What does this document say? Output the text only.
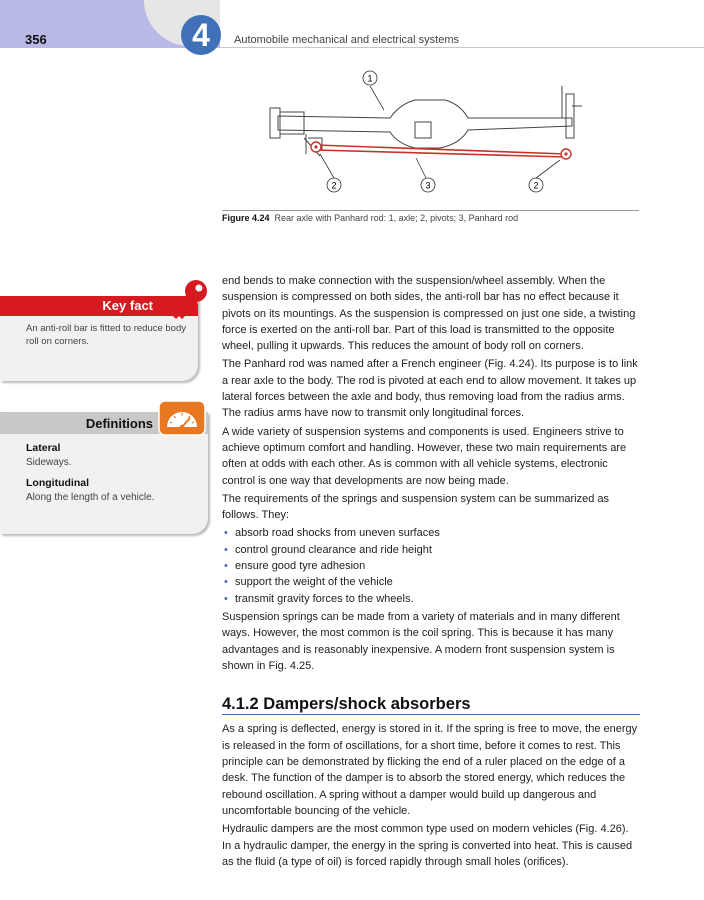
356	4	Automobile mechanical and electrical systems
1
2	3	2
Figure 4.24 Rear axle with Panhard rod: 1, axle; 2, pivots; 3, Panhard rod
Key fact
An anti-roll bar is fitted to reduce body roll on corners.
Definitions
Lateral
Sideways.
Longitudinal
Along the length of a vehicle.

end bends to make connection with the suspension/wheel assembly. When the suspension is compressed on both sides, the anti-roll bar has no effect because it pivots on its mountings. As the suspension is compressed on just one side, a twisting force is exerted on the anti-roll bar. Part of this load is transmitted to the opposite wheel, pulling it upwards. This reduces the amount of body roll on corners.

The Panhard rod was named after a French engineer (Fig. 4.24). Its purpose is to link a rear axle to the body. The rod is pivoted at each end to allow movement. It takes up lateral forces between the axle and body, thus removing load from the radius arms. The radius arms have now to transmit only longitudinal forces.

A wide variety of suspension systems and components is used. Engineers strive to achieve optimum comfort and handling. However, these two main requirements are often at odds with each other. As is common with all vehicle systems, electronic control is one way that developments are now being made.

The requirements of the springs and suspension system can be summarized as follows. They:

• absorb road shocks from uneven surfaces
• control ground clearance and ride height
• ensure good tyre adhesion
• support the weight of the vehicle
• transmit gravity forces to the wheels.

Suspension springs can be made from a variety of materials and in many different ways. However, the most common is the coil spring. This is because it has many advantages and is reasonably inexpensive. A modern front suspension system is shown in Fig. 4.25.

4.1.2 Dampers/shock absorbers

As a spring is deflected, energy is stored in it. If the spring is free to move, the energy is released in the form of oscillations, for a short time, before it comes to rest. This principle can be demonstrated by flicking the end of a ruler placed on the edge of a desk. The function of the damper is to absorb the stored energy, which reduces the rebound oscillation. A spring without a damper would build up dangerous and uncomfortable bouncing of the vehicle.

Hydraulic dampers are the most common type used on modern vehicles (Fig. 4.26). In a hydraulic damper, the energy in the spring is converted into heat. This is caused as the fluid (a type of oil) is forced rapidly through small holes (orifices).
